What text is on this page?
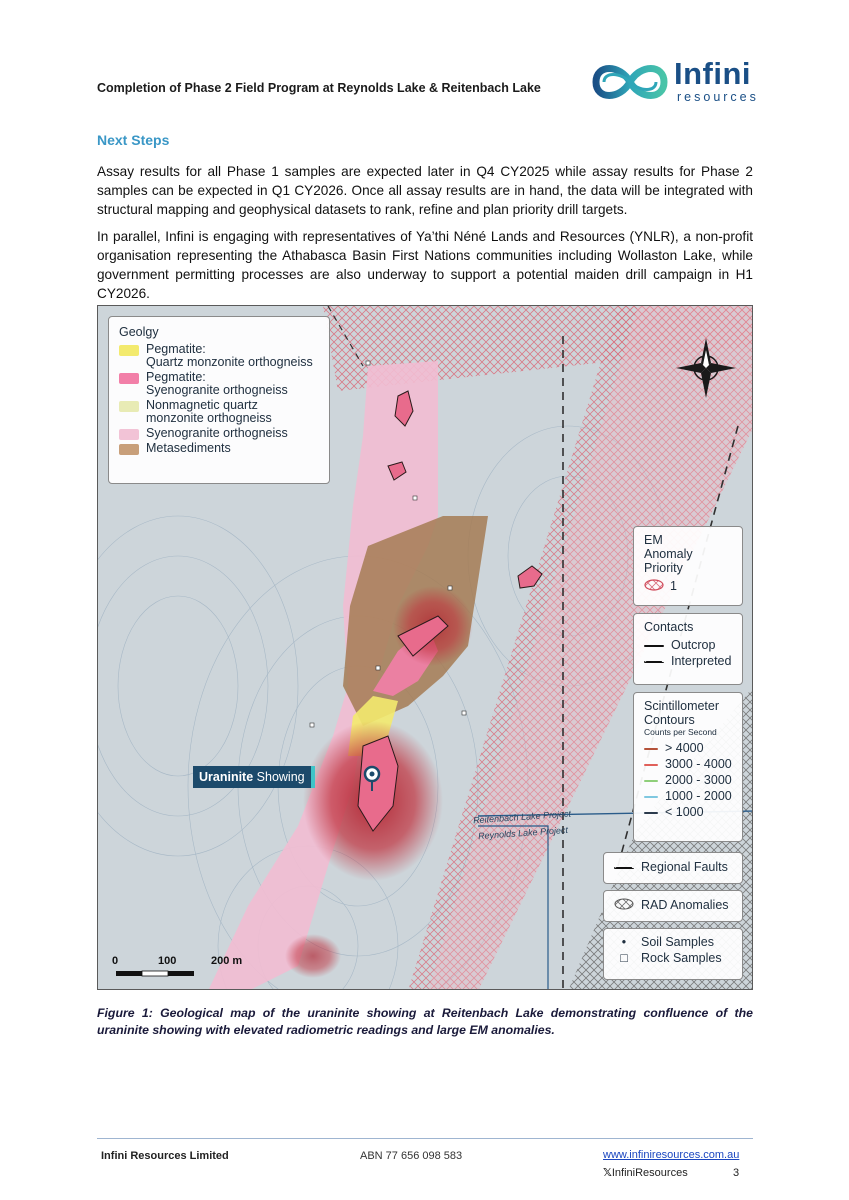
Completion of Phase 2 Field Program at Reynolds Lake & Reitenbach Lake	Infini
resources
Next Steps
Assay results for all Phase 1 samples are expected later in Q4 CY2025 while assay results for Phase 2 samples can be expected in Q1 CY2026. Once all assay results are in hand, the data will be integrated with structural mapping and geophysical datasets to rank, refine and plan priority drill targets.
In parallel, Infini is engaging with representatives of Ya’thi Néné Lands and Resources (YNLR), a non-profit organisation representing the Athabasca Basin First Nations communities including Wollaston Lake, while government permitting processes are also underway to support a potential maiden drill campaign in H1 CY2026.
0	100	200 m
Geolgy
Pegmatite:
Quartz monzonite orthogneiss
Pegmatite:
Syenogranite orthogneiss
Nonmagnetic quartz
monzonite orthogneiss
Syenogranite orthogneiss
Metasediments
EM
Anomaly
Priority
1
Contacts
Outcrop
Interpreted
Scintillometer
Contours
Counts per Second
> 4000
3000 - 4000
2000 - 3000
1000 - 2000
< 1000
Regional Faults
RAD Anomalies
•	Soil Samples
□	Rock Samples
Uraninite Showing
Reitenbach Lake Project
Reynolds Lake Project
Figure 1: Geological map of the uraninite showing at Reitenbach Lake demonstrating confluence of the uraninite showing with elevated radiometric readings and large EM anomalies.
Infini Resources Limited	ABN 77 656 098 583	www.infiniresources.com.au
𝕏InfiniResources	3
